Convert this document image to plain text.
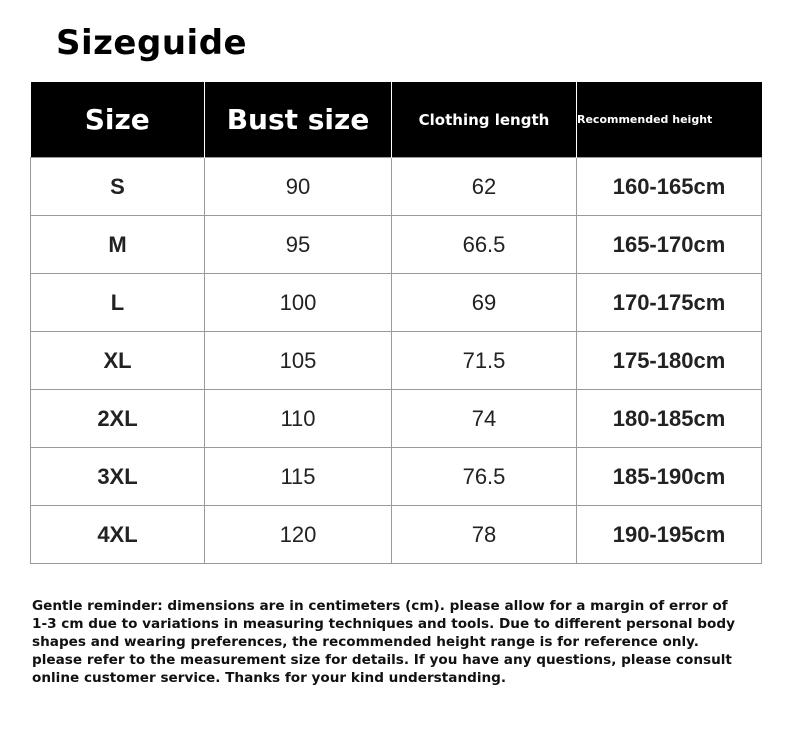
Sizeguide
Size	Bust size	Clothing length	Recommended height
S	90	62	160-165cm
M	95	66.5	165-170cm
L	100	69	170-175cm
XL	105	71.5	175-180cm
2XL	110	74	180-185cm
3XL	115	76.5	185-190cm
4XL	120	78	190-195cm
Gentle reminder: dimensions are in centimeters (cm). please allow for a margin of error of
1-3 cm due to variations in measuring techniques and tools. Due to different personal body
shapes and wearing preferences, the recommended height range is for reference only.
please refer to the measurement size for details. If you have any questions, please consult
online customer service. Thanks for your kind understanding.
